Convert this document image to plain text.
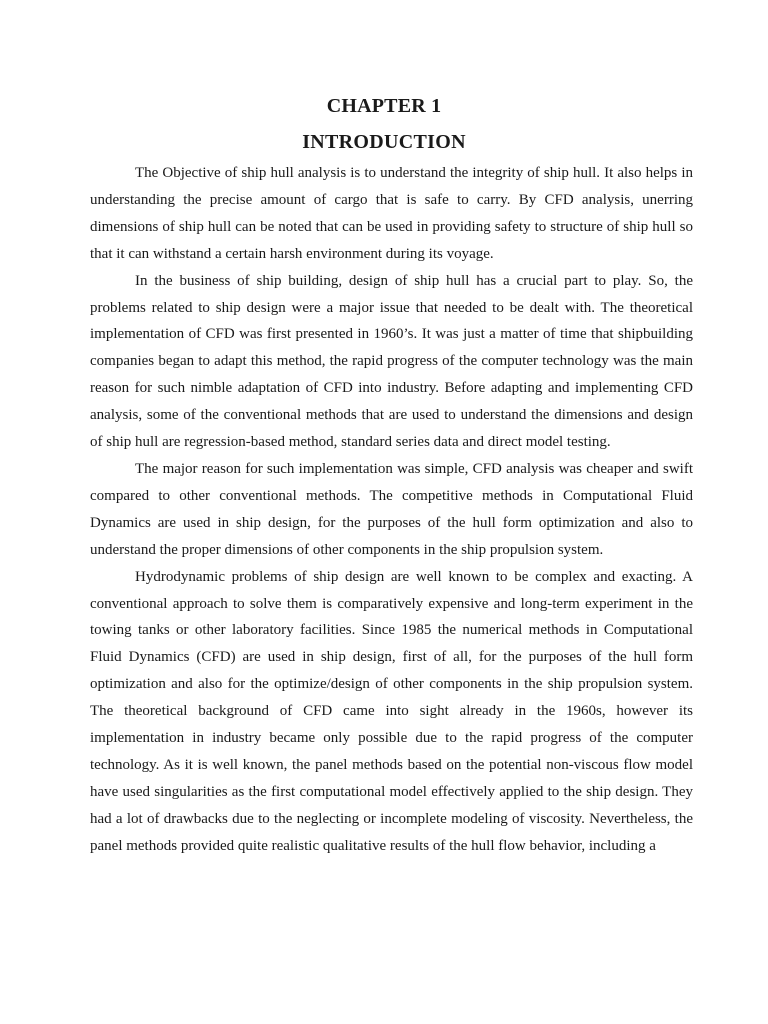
CHAPTER 1
INTRODUCTION

The Objective of ship hull analysis is to understand the integrity of ship hull. It also helps in understanding the precise amount of cargo that is safe to carry. By CFD analysis, unerring dimensions of ship hull can be noted that can be used in providing safety to structure of ship hull so that it can withstand a certain harsh environment during its voyage.

In the business of ship building, design of ship hull has a crucial part to play. So, the problems related to ship design were a major issue that needed to be dealt with. The theoretical implementation of CFD was first presented in 1960’s. It was just a matter of time that shipbuilding companies began to adapt this method, the rapid progress of the computer technology was the main reason for such nimble adaptation of CFD into industry. Before adapting and implementing CFD analysis, some of the conventional methods that are used to understand the dimensions and design of ship hull are regression-based method, standard series data and direct model testing.

The major reason for such implementation was simple, CFD analysis was cheaper and swift compared to other conventional methods. The competitive methods in Computational Fluid Dynamics are used in ship design, for the purposes of the hull form optimization and also to understand the proper dimensions of other components in the ship propulsion system.

Hydrodynamic problems of ship design are well known to be complex and exacting. A conventional approach to solve them is comparatively expensive and long-term experiment in the towing tanks or other laboratory facilities. Since 1985 the numerical methods in Computational Fluid Dynamics (CFD) are used in ship design, first of all, for the purposes of the hull form optimization and also for the optimize/design of other components in the ship propulsion system. The theoretical background of CFD came into sight already in the 1960s, however its implementation in industry became only possible due to the rapid progress of the computer technology. As it is well known, the panel methods based on the potential non-viscous flow model have used singularities as the first computational model effectively applied to the ship design. They had a lot of drawbacks due to the neglecting or incomplete modeling of viscosity. Nevertheless, the panel methods provided quite realistic qualitative results of the hull flow behavior, including a
